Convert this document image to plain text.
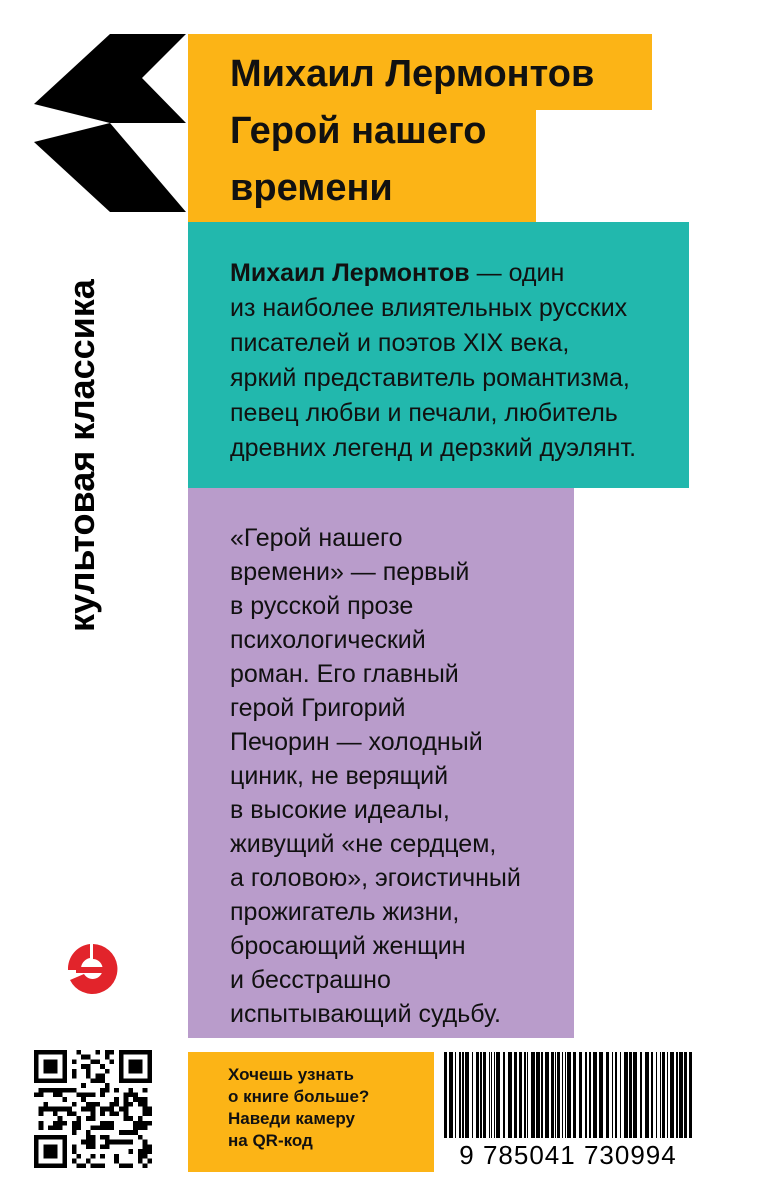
Михаил Лермонтов
Герой нашего
времени
Михаил Лермонтов — один
из наиболее влиятельных русских
писателей и поэтов XIX века,
яркий представитель романтизма,
певец любви и печали, любитель
древних легенд и дерзкий дуэлянт.
«Герой нашего
времени» — первый
в русской прозе
психологический
роман. Его главный
герой Григорий
Печорин — холодный
циник, не верящий
в высокие идеалы,
живущий «не сердцем,
а головою», эгоистичный
прожигатель жизни,
бросающий женщин
и бесстрашно
испытывающий судьбу.
культовая классика
Хочешь узнать
о книге больше?
Наведи камеру
на QR-код	9 785041 730994
